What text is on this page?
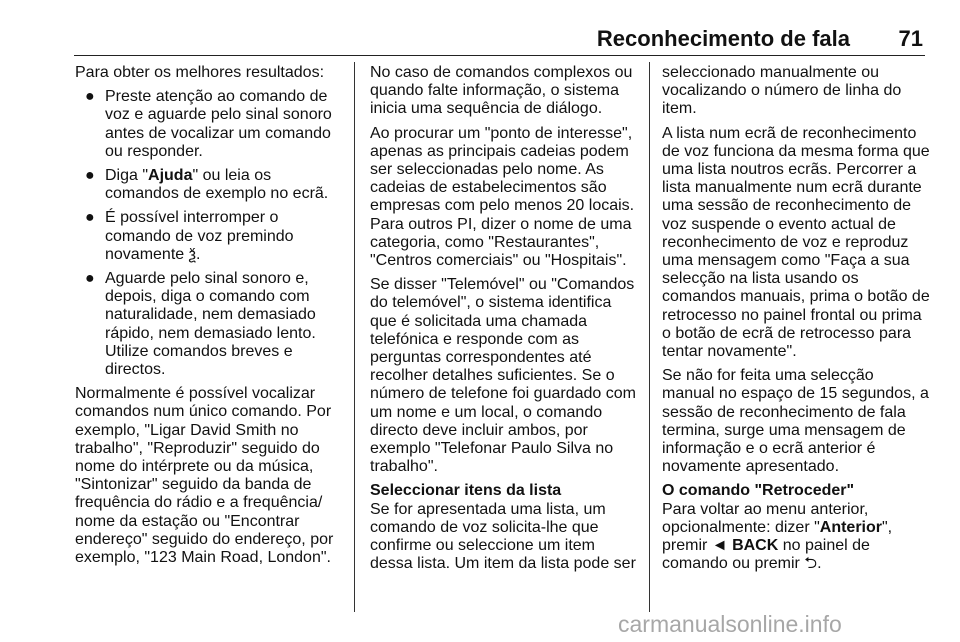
Reconhecimento de fala 71

Para obter os melhores resultados:

● Preste atenção ao comando de voz e aguarde pelo sinal sonoro antes de vocalizar um comando ou responder.
● Diga "Ajuda" ou leia os comandos de exemplo no ecrã.
● É possível interromper o comando de voz premindo novamente ѯ.
● Aguarde pelo sinal sonoro e, depois, diga o comando com naturalidade, nem demasiado rápido, nem demasiado lento. Utilize comandos breves e directos.

Normalmente é possível vocalizar comandos num único comando. Por exemplo, "Ligar David Smith no trabalho", "Reproduzir" seguido do nome do intérprete ou da música, "Sintonizar" seguido da banda de frequência do rádio e a frequência/ nome da estação ou "Encontrar endereço" seguido do endereço, por exemplo, "123 Main Road, London".

No caso de comandos complexos ou quando falte informação, o sistema inicia uma sequência de diálogo.

Ao procurar um "ponto de interesse", apenas as principais cadeias podem ser seleccionadas pelo nome. As cadeias de estabelecimentos são empresas com pelo menos 20 locais. Para outros PI, dizer o nome de uma categoria, como "Restaurantes", "Centros comerciais" ou "Hospitais".

Se disser "Telemóvel" ou "Comandos do telemóvel", o sistema identifica que é solicitada uma chamada telefónica e responde com as perguntas correspondentes até recolher detalhes suficientes. Se o número de telefone foi guardado com um nome e um local, o comando directo deve incluir ambos, por exemplo "Telefonar Paulo Silva no trabalho".

Seleccionar itens da lista

Se for apresentada uma lista, um comando de voz solicita-lhe que confirme ou seleccione um item dessa lista. Um item da lista pode ser

seleccionado manualmente ou vocalizando o número de linha do item.

A lista num ecrã de reconhecimento de voz funciona da mesma forma que uma lista noutros ecrãs. Percorrer a lista manualmente num ecrã durante uma sessão de reconhecimento de voz suspende o evento actual de reconhecimento de voz e reproduz uma mensagem como "Faça a sua selecção na lista usando os comandos manuais, prima o botão de retrocesso no painel frontal ou prima o botão de ecrã de retrocesso para tentar novamente".

Se não for feita uma selecção manual no espaço de 15 segundos, a sessão de reconhecimento de fala termina, surge uma mensagem de informação e o ecrã anterior é novamente apresentado.

O comando "Retroceder"

Para voltar ao menu anterior, opcionalmente: dizer "Anterior", premir ◄ BACK no painel de comando ou premir ⮌.

carmanualsonline.info
